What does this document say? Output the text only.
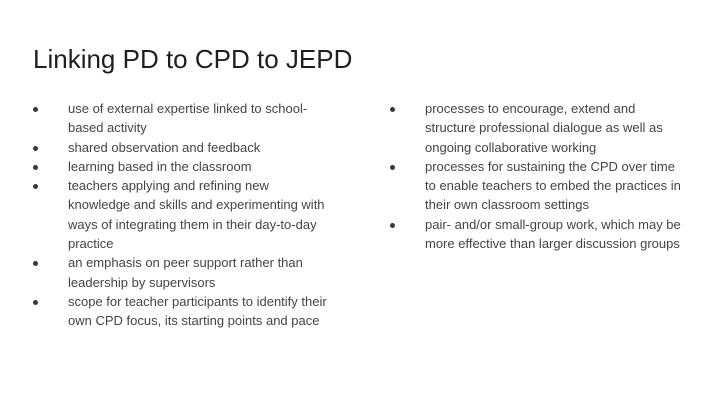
Linking PD to CPD to JEPD
use of external expertise linked to school-based activity
shared observation and feedback
learning based in the classroom
teachers applying and refining new knowledge and skills and experimenting with ways of integrating them in their day-to-day practice
an emphasis on peer support rather than leadership by supervisors
scope for teacher participants to identify their own CPD focus, its starting points and pace
processes to encourage, extend and structure professional dialogue as well as ongoing collaborative working
processes for sustaining the CPD over time to enable teachers to embed the practices in their own classroom settings
pair- and/or small-group work, which may be more effective than larger discussion groups
